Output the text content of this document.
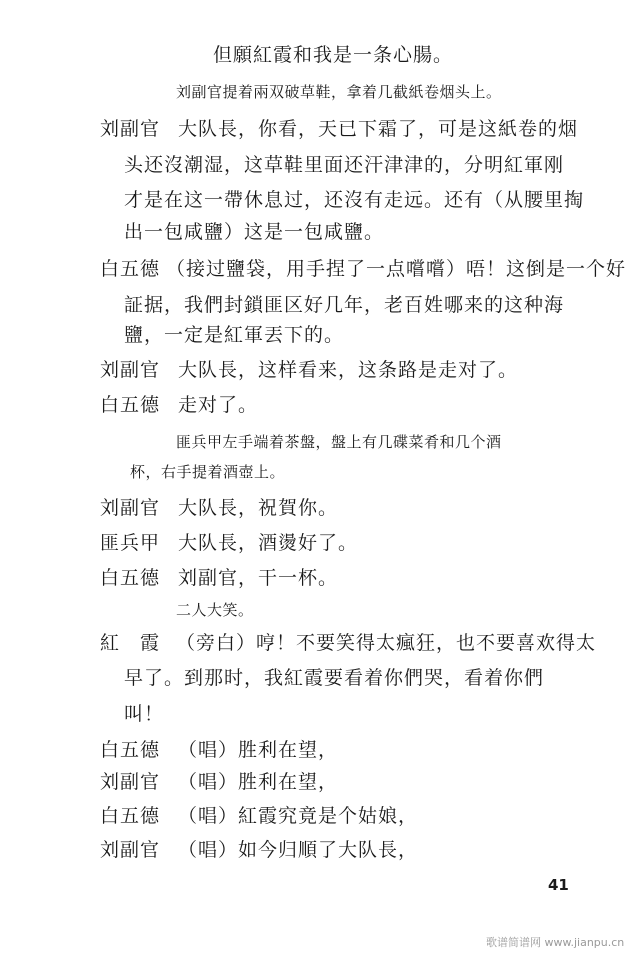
但願紅霞和我是一条心腸。
刘副官提着兩双破草鞋，拿着几截紙卷烟头上。
刘副官 大队長，你看，天已下霜了，可是这紙卷的烟
头还沒潮湿，这草鞋里面还汗津津的，分明紅軍刚
才是在这一帶休息过，还沒有走远。还有（从腰里掏
出一包咸鹽）这是一包咸鹽。
白五德 （接过鹽袋，用手捏了一点嚐嚐）唔！这倒是一个好
証据，我們封鎖匪区好几年，老百姓哪来的这种海
鹽，一定是紅軍丟下的。
刘副官 大队長，这样看来，这条路是走对了。
白五德 走对了。
匪兵甲左手端着茶盤，盤上有几碟菜肴和几个酒
杯，右手提着酒壺上。
刘副官 大队長，祝賀你。
匪兵甲 大队長，酒燙好了。
白五德 刘副官，干一杯。
二人大笑。
紅　霞 （旁白）哼！不要笑得太瘋狂，也不要喜欢得太
早了。到那时，我紅霞要看着你們哭，看着你們
叫！
白五德 （唱）胜利在望，
刘副官 （唱）胜利在望，
白五德 （唱）紅霞究竟是个姑娘，
刘副官 （唱）如今归順了大队長，
41
歌谱简谱网 www.jianpu.cn
